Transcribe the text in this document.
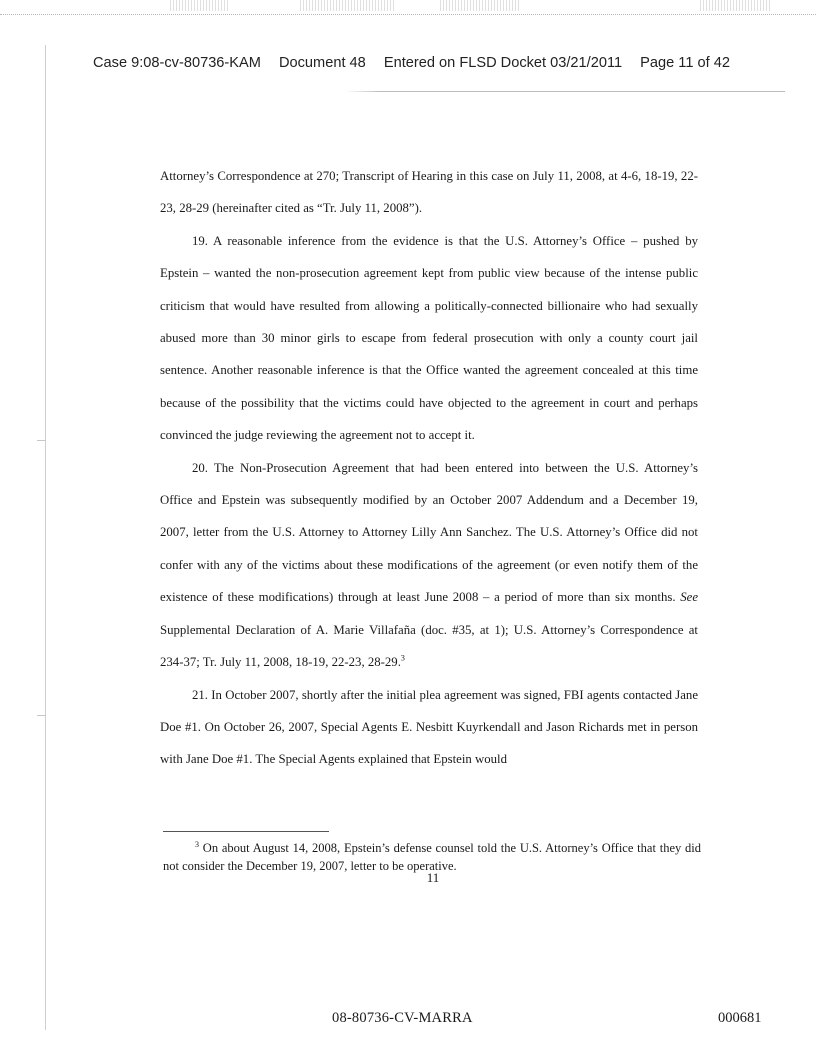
Case 9:08-cv-80736-KAM Document 48 Entered on FLSD Docket 03/21/2011 Page 11 of 42

Attorney’s Correspondence at 270; Transcript of Hearing in this case on July 11, 2008, at 4-6, 18-19, 22-23, 28-29 (hereinafter cited as “Tr. July 11, 2008”).

19. A reasonable inference from the evidence is that the U.S. Attorney’s Office – pushed by Epstein – wanted the non-prosecution agreement kept from public view because of the intense public criticism that would have resulted from allowing a politically-connected billionaire who had sexually abused more than 30 minor girls to escape from federal prosecution with only a county court jail sentence. Another reasonable inference is that the Office wanted the agreement concealed at this time because of the possibility that the victims could have objected to the agreement in court and perhaps convinced the judge reviewing the agreement not to accept it.

20. The Non-Prosecution Agreement that had been entered into between the U.S. Attorney’s Office and Epstein was subsequently modified by an October 2007 Addendum and a December 19, 2007, letter from the U.S. Attorney to Attorney Lilly Ann Sanchez. The U.S. Attorney’s Office did not confer with any of the victims about these modifications of the agreement (or even notify them of the existence of these modifications) through at least June 2008 – a period of more than six months. See Supplemental Declaration of A. Marie Villafaña (doc. #35, at 1); U.S. Attorney’s Correspondence at 234-37; Tr. July 11, 2008, 18-19, 22-23, 28-29.$^3$

21. In October 2007, shortly after the initial plea agreement was signed, FBI agents contacted Jane Doe #1. On October 26, 2007, Special Agents E. Nesbitt Kuyrkendall and Jason Richards met in person with Jane Doe #1. The Special Agents explained that Epstein would

$^3$ On about August 14, 2008, Epstein’s defense counsel told the U.S. Attorney’s Office that they did not consider the December 19, 2007, letter to be operative.
11
08-80736-CV-MARRA	000681
